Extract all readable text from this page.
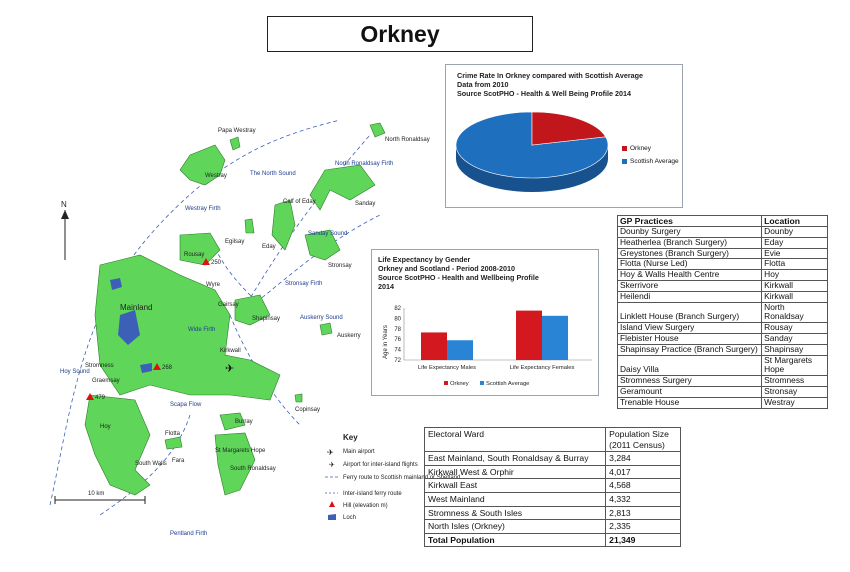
Orkney
N
10 km
✈
Papa Westray
Westray
North Ronaldsay
Sanday
Eday
Stronsay
Rousay
Egilsay
Wyre
Gairsay
Shapinsay
Mainland
Kirkwall
Stromness
Hoy
Flotta
Burray
South Ronaldsay
St Margarets Hope
South Walls
Auskerry
Copinsay
Fara
Graemsay
Calf of Eday
The North Sound
North Ronaldsay Firth
Westray Firth
Sanday Sound
Stronsay Firth
Auskerry Sound
Wide Firth
Scapa Flow
Hoy Sound
Pentland Firth
250
268
479
Key
✈ Main airport
✈ Airport for inter-island flights
Ferry route to Scottish mainland or Shetland
Inter-island ferry route
Hill (elevation m)
Loch
Crime Rate In Orkney compared with Scottish Average
Data from 2010
Source ScotPHO - Health & Well Being Profile 2014
Orkney
Scottish Average
Life Expectancy by Gender
Orkney and Scotland - Period 2008-2010
Source ScotPHO - Health and Wellbeing Profile
2014
Age in Years
82
80
78
76
74
72
Life Expectancy Males	Life Expectancy Females
Orkney	Scottish Average
GP Practices	Location
Dounby Surgery	Dounby
Heatherlea (Branch Surgery)	Eday
Greystones (Branch Surgery)	Evie
Flotta (Nurse Led)	Flotta
Hoy & Walls Health Centre	Hoy
Skerrivore	Kirkwall
Heilendi	Kirkwall
Linklett House (Branch Surgery)	North Ronaldsay
Island View Surgery	Rousay
Flebister House	Sanday
Shapinsay Practice (Branch Surgery)	Shapinsay
Daisy Villa	St Margarets Hope
Stromness Surgery	Stromness
Geramount	Stronsay
Trenable House	Westray
Electoral Ward	Population Size
(2011 Census)

East Mainland, South Ronaldsay & Burray	3,284
Kirkwall West & Orphir	4,017
Kirkwall East	4,568
West Mainland	4,332
Stromness & South Isles	2,813
North Isles (Orkney)	2,335
Total Population	21,349
